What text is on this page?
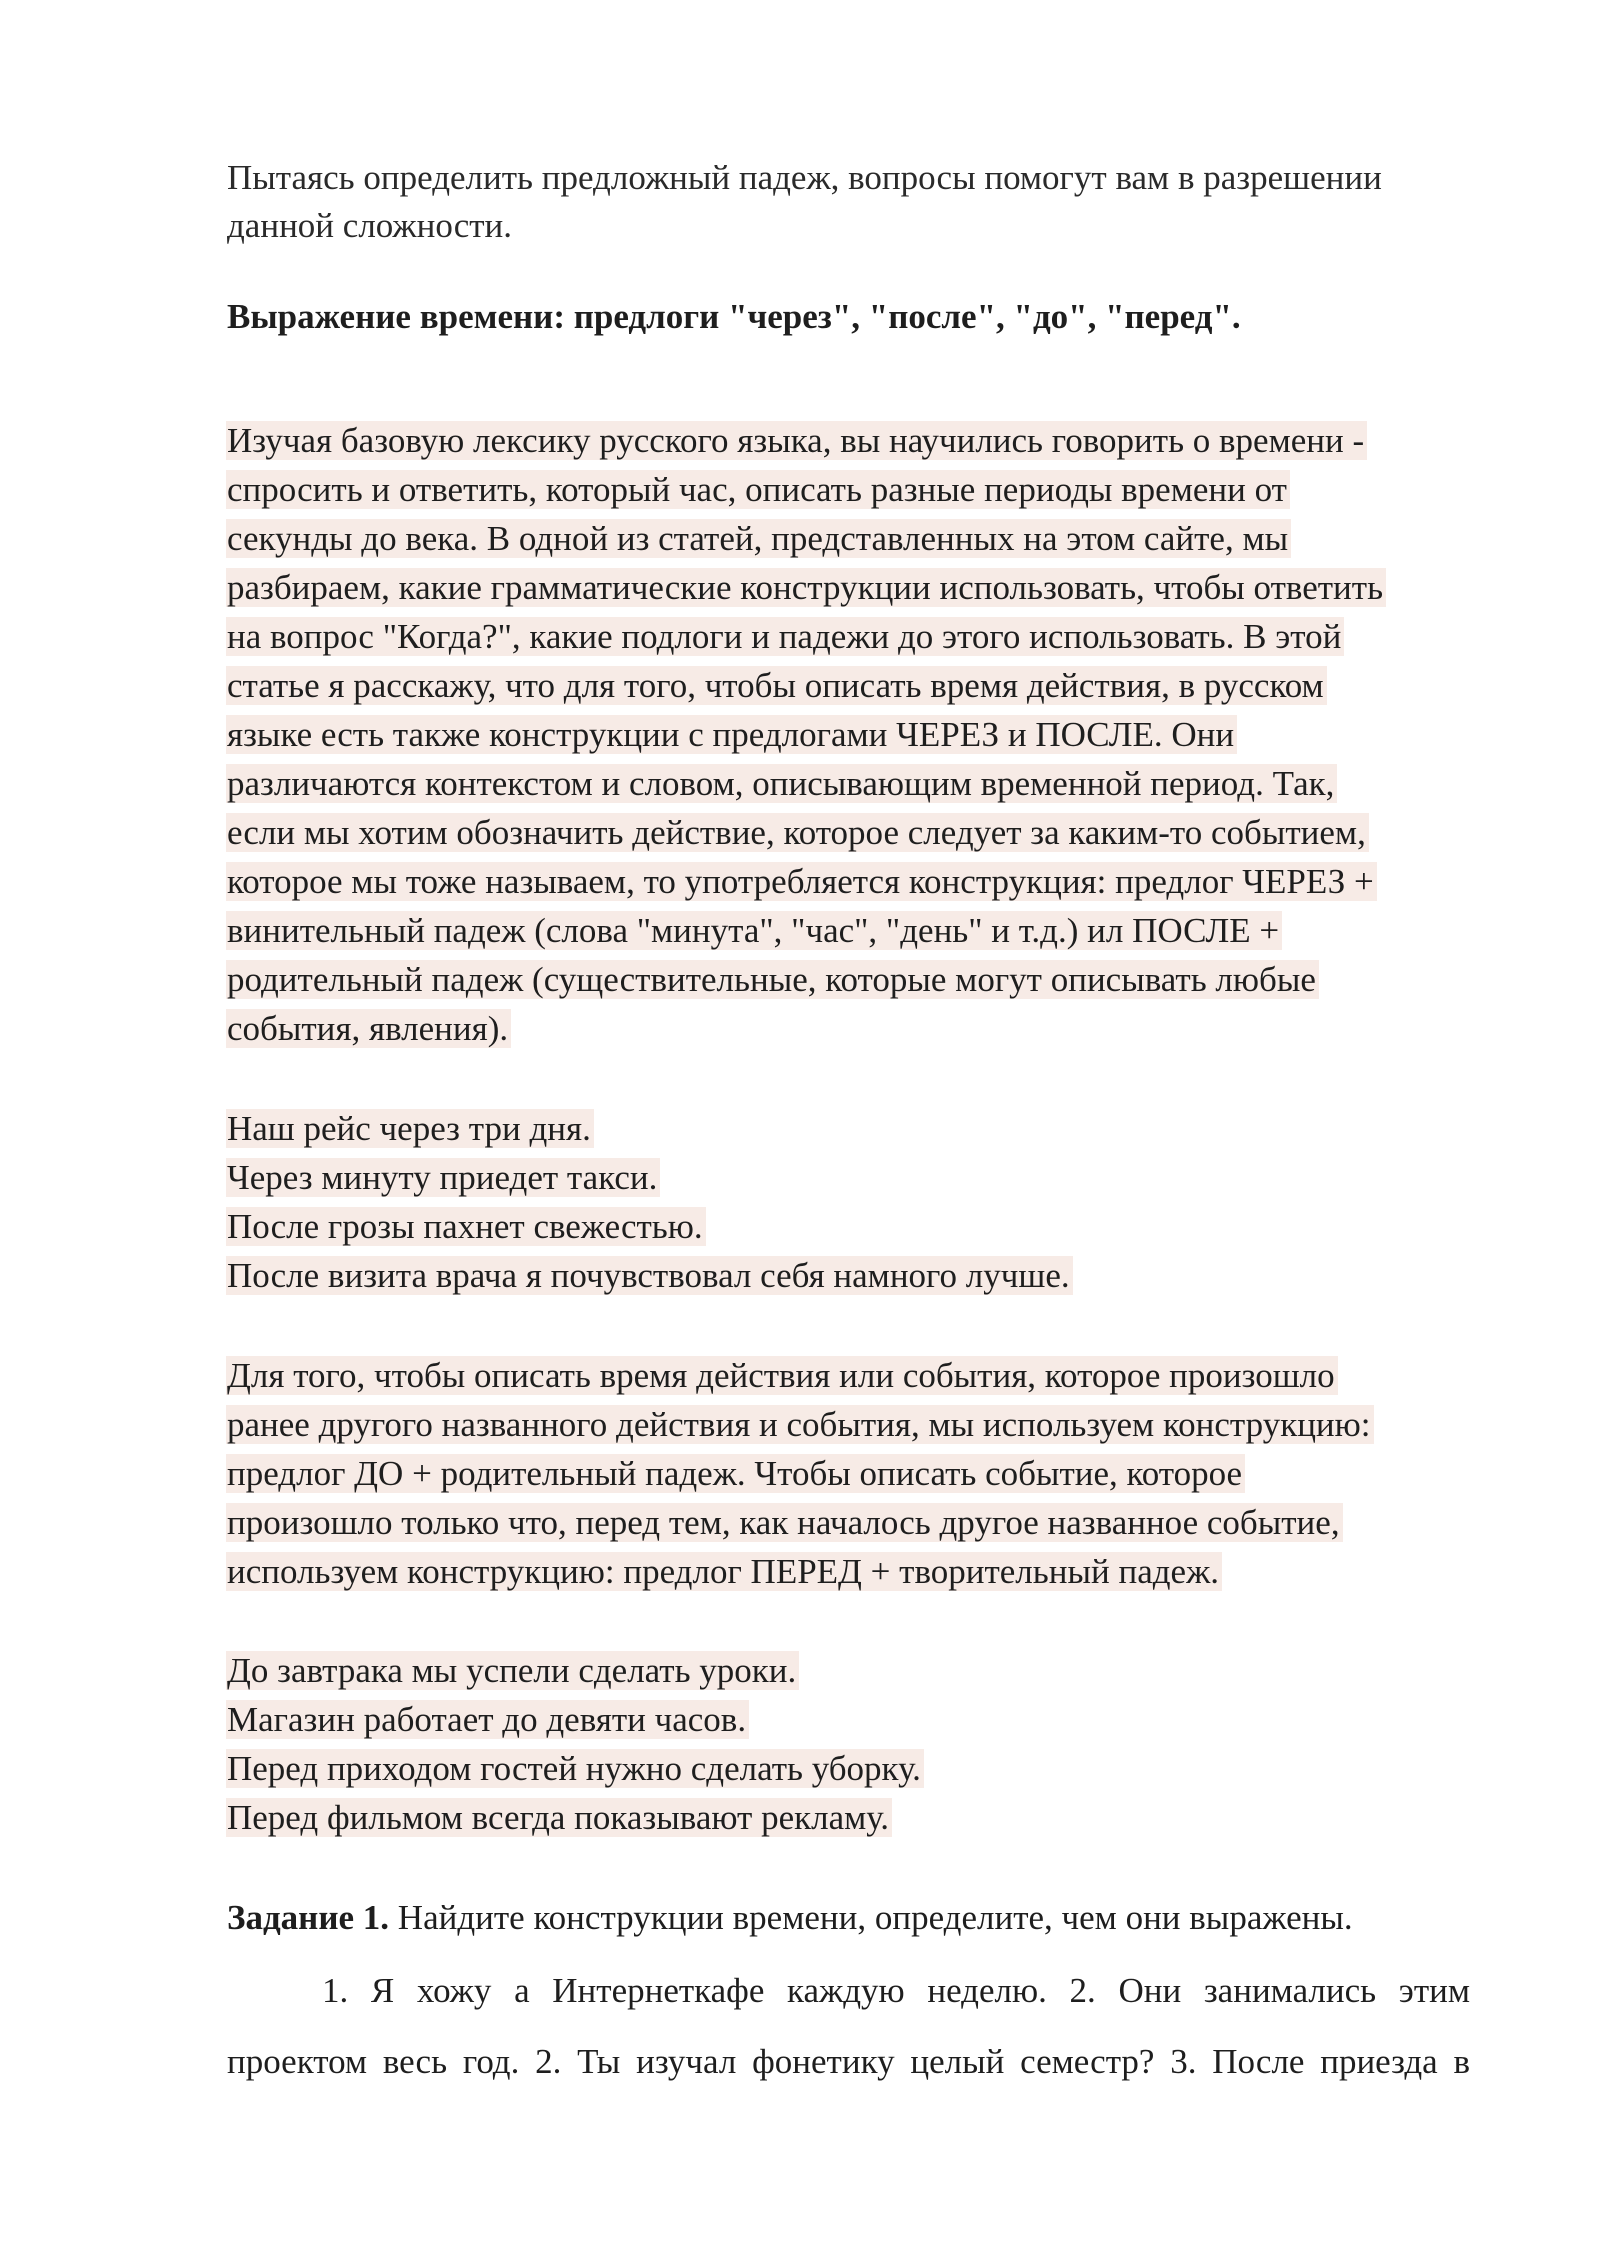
Пытаясь определить предложный падеж, вопросы помогут вам в разрешении
данной сложности.
Выражение времени: предлоги "через", "после", "до", "перед".
Изучая базовую лексику русского языка, вы научились говорить о времени -
спросить и ответить, который час, описать разные периоды времени от
секунды до века. В одной из статей, представленных на этом сайте, мы
разбираем, какие грамматические конструкции использовать, чтобы ответить
на вопрос "Когда?", какие подлоги и падежи до этого использовать. В этой
статье я расскажу, что для того, чтобы описать время действия, в русском
языке есть также конструкции с предлогами ЧЕРЕЗ и ПОСЛЕ. Они
различаются контекстом и словом, описывающим временной период. Так,
если мы хотим обозначить действие, которое следует за каким-то событием,
которое мы тоже называем, то употребляется конструкция: предлог ЧЕРЕЗ +
винительный падеж (слова "минута", "час", "день" и т.д.) ил ПОСЛЕ +
родительный падеж (существительные, которые могут описывать любые
события, явления).
Наш рейс через три дня.
Через минуту приедет такси.
После грозы пахнет свежестью.
После визита врача я почувствовал себя намного лучше.
Для того, чтобы описать время действия или события, которое произошло
ранее другого названного действия и события, мы используем конструкцию:
предлог ДО + родительный падеж. Чтобы описать событие, которое
произошло только что, перед тем, как началось другое названное событие,
используем конструкцию: предлог ПЕРЕД + творительный падеж.
До завтрака мы успели сделать уроки.
Магазин работает до девяти часов.
Перед приходом гостей нужно сделать уборку.
Перед фильмом всегда показывают рекламу.
Задание 1. Найдите конструкции времени, определите, чем они выражены.
1. Я хожу а Интернеткафе каждую неделю. 2. Они занимались этим
проектом весь год. 2. Ты изучал фонетику целый семестр? 3. После приезда в
